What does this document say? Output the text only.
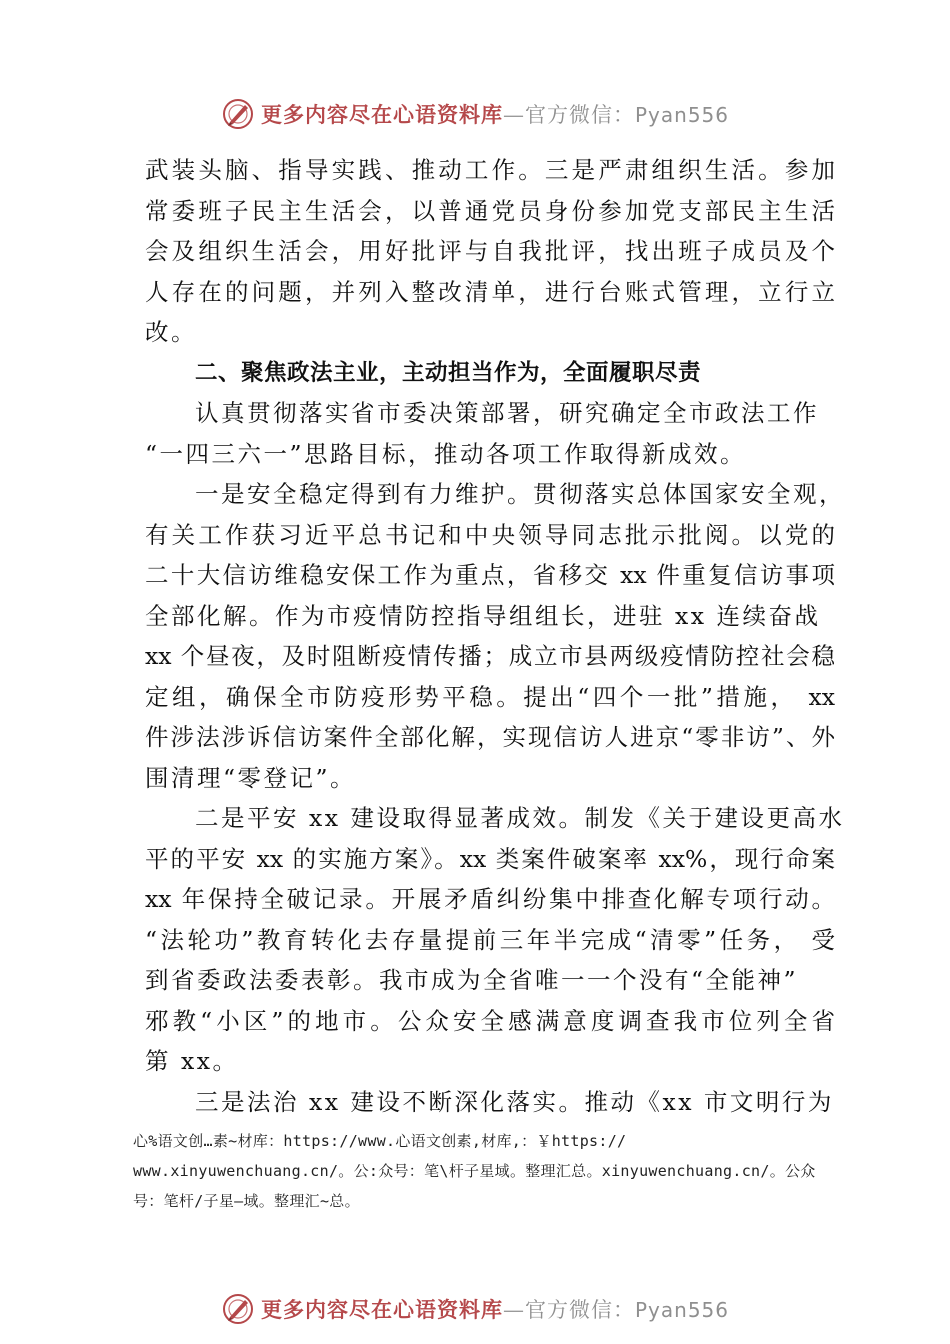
更多内容尽在心语资料库—官方微信：Pyan556
武装头脑、指导实践、推动工作。三是严肃组织生活。参加
常委班子民主生活会，以普通党员身份参加党支部民主生活
会及组织生活会，用好批评与自我批评，找出班子成员及个
人存在的问题，并列入整改清单，进行台账式管理，立行立
改。
二、聚焦政法主业，主动担当作为，全面履职尽责
认真贯彻落实省市委决策部署，研究确定全市政法工作
“一四三六一”思路目标，推动各项工作取得新成效。
一是安全稳定得到有力维护。贯彻落实总体国家安全观，
有关工作获习近平总书记和中央领导同志批示批阅。以党的
二十大信访维稳安保工作为重点，省移交 xx 件重复信访事项
全部化解。作为市疫情防控指导组组长，进驻 xx 连续奋战
xx 个昼夜，及时阻断疫情传播；成立市县两级疫情防控社会稳
定组，确保全市防疫形势平稳。提出“四个一批”措施， xx
件涉法涉诉信访案件全部化解，实现信访人进京“零非访”、外
围清理“零登记”。
二是平安 xx 建设取得显著成效。制发《关于建设更高水
平的平安 xx 的实施方案》。xx 类案件破案率 xx%，现行命案
xx 年保持全破记录。开展矛盾纠纷集中排查化解专项行动。
“法轮功”教育转化去存量提前三年半完成“清零”任务， 受
到省委政法委表彰。我市成为全省唯一一个没有“全能神”
邪教“小区”的地市。公众安全感满意度调查我市位列全省
第 xx。
三是法治 xx 建设不断深化落实。推动《xx 市文明行为
心%语文创…素~材库：https://www.心语文创素,材库,：￥https://
www.xinyuwenchuang.cn/。公:众号：笔\杆子星域。整理汇总。xinyuwenchuang.cn/。公众
号：笔杆/子星—域。整理汇~总。
更多内容尽在心语资料库—官方微信：Pyan556
